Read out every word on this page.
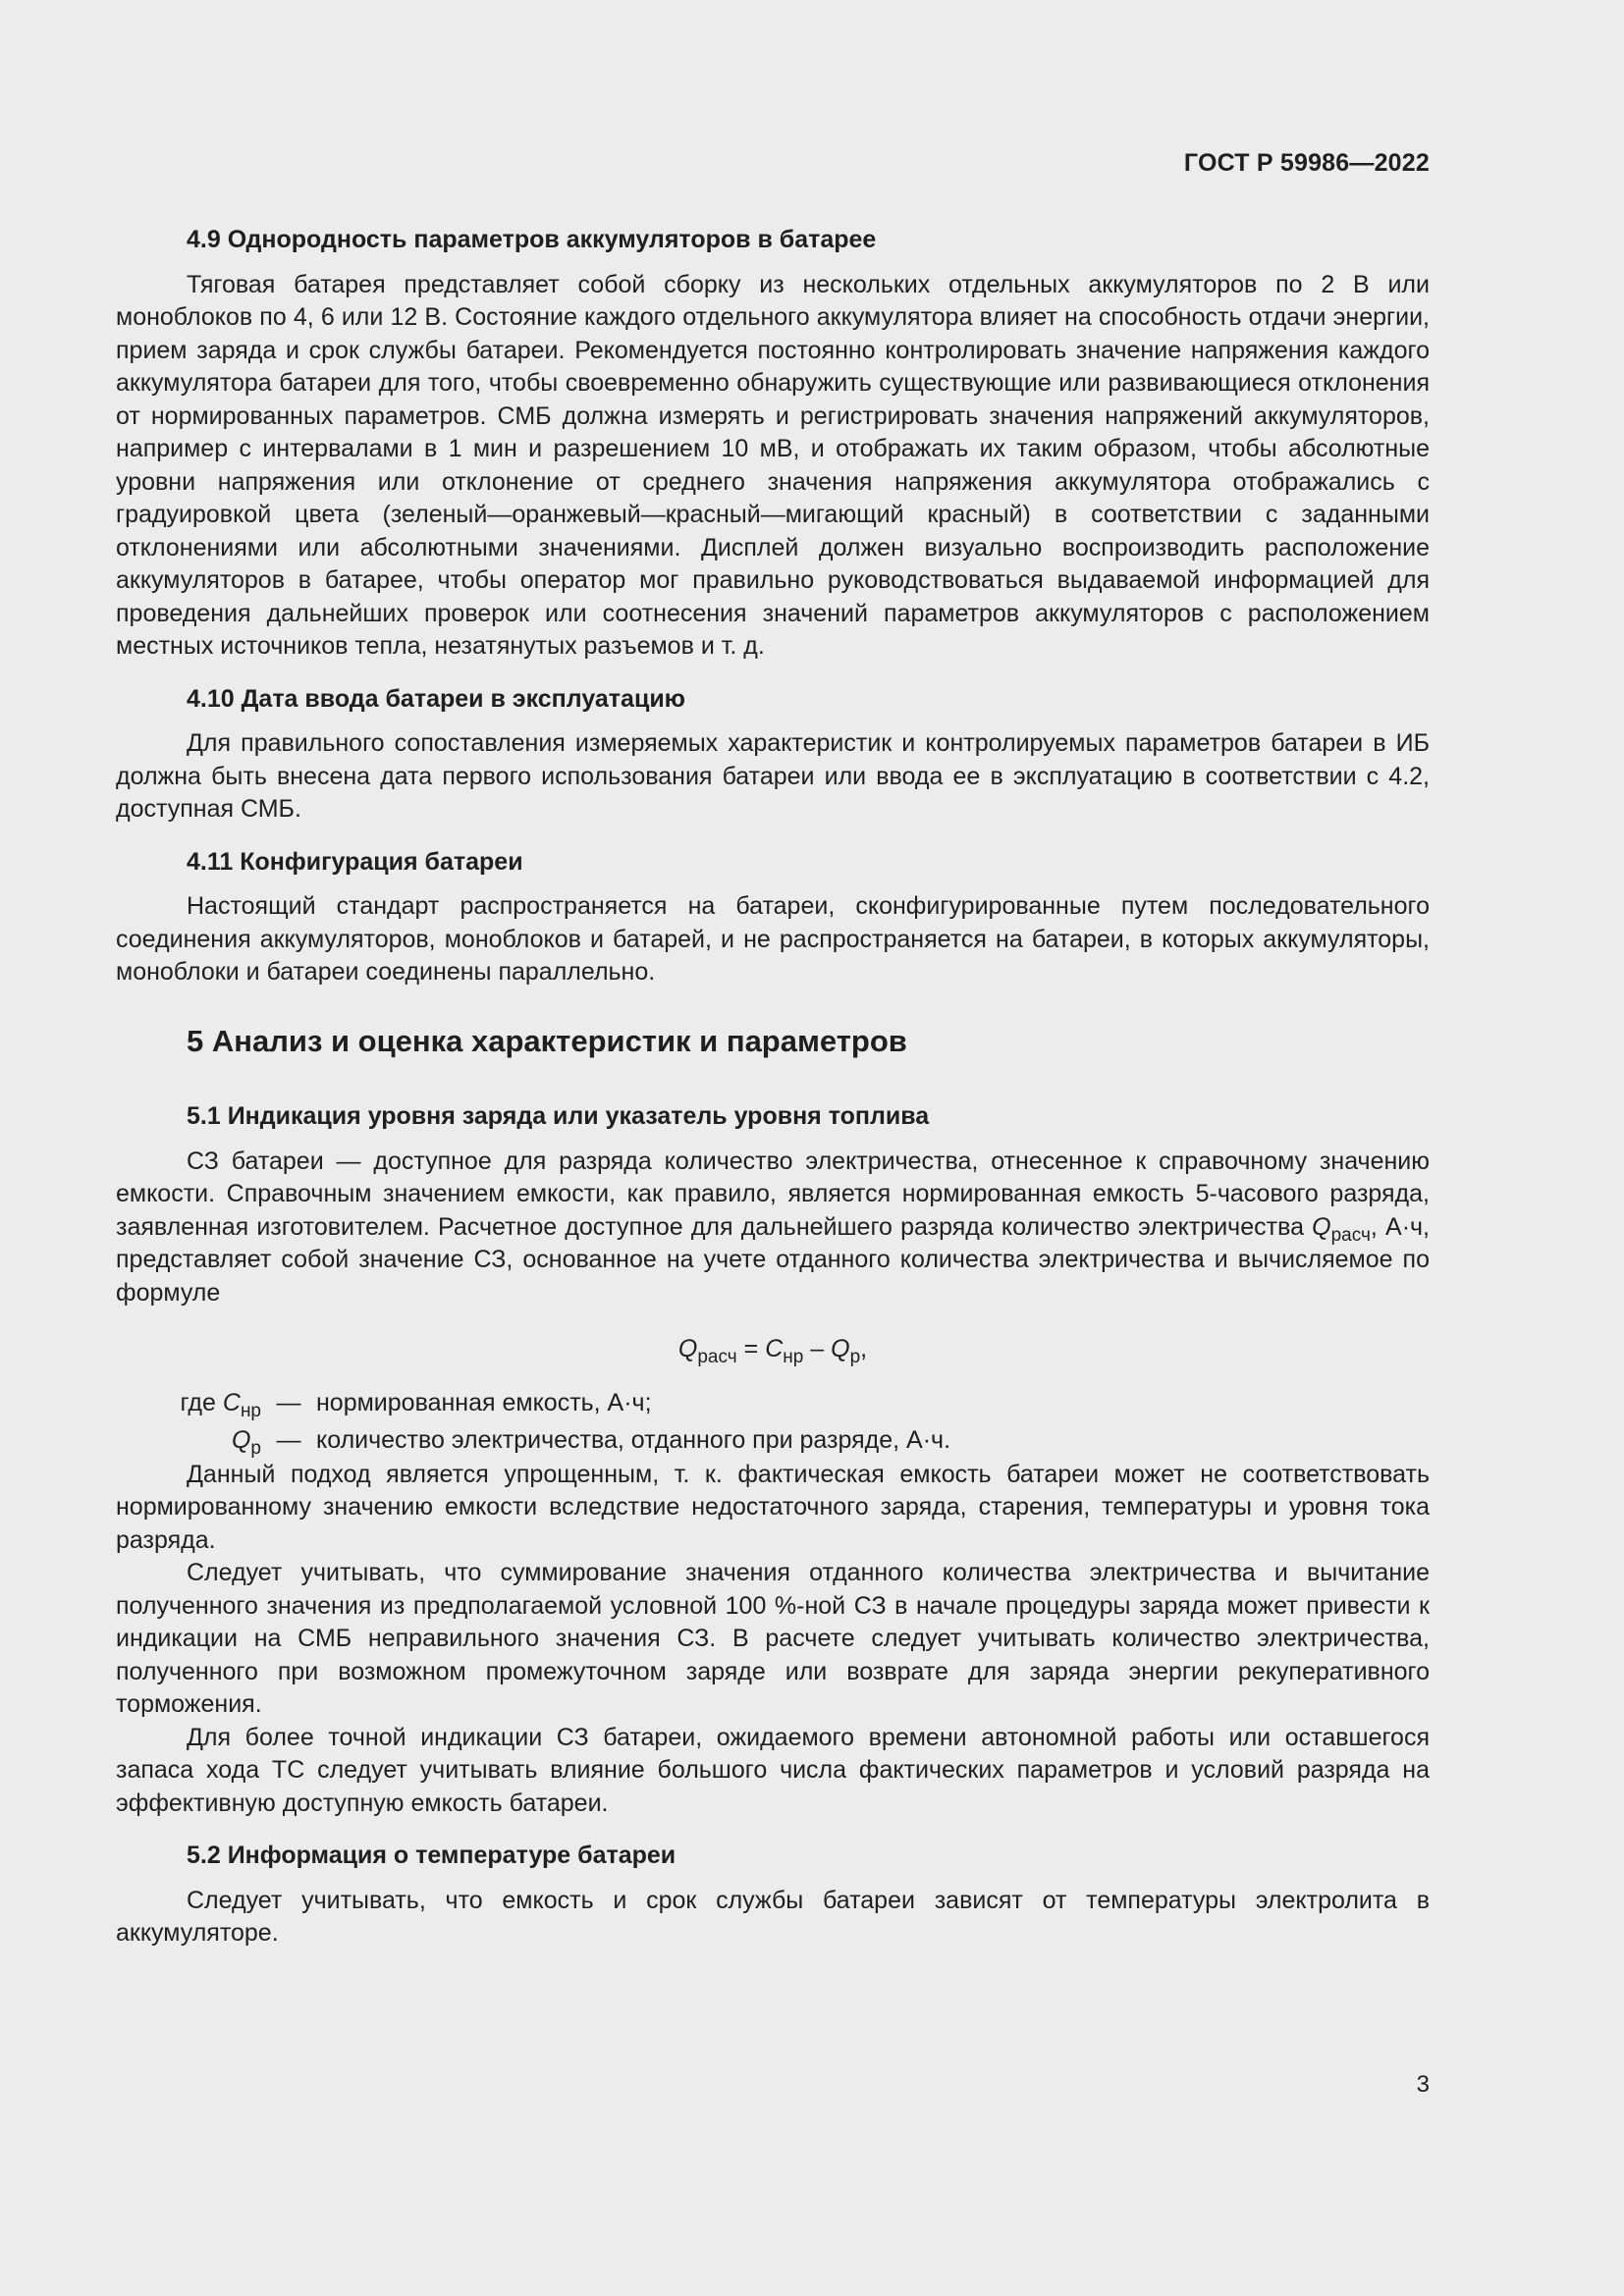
ГОСТ Р 59986—2022
4.9 Однородность параметров аккумуляторов в батарее

Тяговая батарея представляет собой сборку из нескольких отдельных аккумуляторов по 2 В или моноблоков по 4, 6 или 12 В. Состояние каждого отдельного аккумулятора влияет на способность отдачи энергии, прием заряда и срок службы батареи. Рекомендуется постоянно контролировать значение напряжения каждого аккумулятора батареи для того, чтобы своевременно обнаружить существующие или развивающиеся отклонения от нормированных параметров. СМБ должна измерять и регистрировать значения напряжений аккумуляторов, например с интервалами в 1 мин и разрешением 10 мВ, и отображать их таким образом, чтобы абсолютные уровни напряжения или отклонение от среднего значения напряжения аккумулятора отображались с градуировкой цвета (зеленый—оранжевый—красный—мигающий красный) в соответствии с заданными отклонениями или абсолютными значениями. Дисплей должен визуально воспроизводить расположение аккумуляторов в батарее, чтобы оператор мог правильно руководствоваться выдаваемой информацией для проведения дальнейших проверок или соотнесения значений параметров аккумуляторов с расположением местных источников тепла, незатянутых разъемов и т. д.

4.10 Дата ввода батареи в эксплуатацию

Для правильного сопоставления измеряемых характеристик и контролируемых параметров батареи в ИБ должна быть внесена дата первого использования батареи или ввода ее в эксплуатацию в соответствии с 4.2, доступная СМБ.

4.11 Конфигурация батареи

Настоящий стандарт распространяется на батареи, сконфигурированные путем последовательного соединения аккумуляторов, моноблоков и батарей, и не распространяется на батареи, в которых аккумуляторы, моноблоки и батареи соединены параллельно.

5 Анализ и оценка характеристик и параметров
5.1 Индикация уровня заряда или указатель уровня топлива

СЗ батареи — доступное для разряда количество электричества, отнесенное к справочному значению емкости. Справочным значением емкости, как правило, является нормированная емкость 5-часового разряда, заявленная изготовителем. Расчетное доступное для дальнейшего разряда количество электричества $Q_{расч}$, А·ч, представляет собой значение СЗ, основанное на учете отданного количества электричества и вычисляемое по формуле

$Q_{расч} = C_{нр} - Q_р$,
где $C_{нр}$ — нормированная емкость, А·ч;
$Q_р$ — количество электричества, отданного при разряде, А·ч.

Данный подход является упрощенным, т. к. фактическая емкость батареи может не соответствовать нормированному значению емкости вследствие недостаточного заряда, старения, температуры и уровня тока разряда.

Следует учитывать, что суммирование значения отданного количества электричества и вычитание полученного значения из предполагаемой условной 100 %-ной СЗ в начале процедуры заряда может привести к индикации на СМБ неправильного значения СЗ. В расчете следует учитывать количество электричества, полученного при возможном промежуточном заряде или возврате для заряда энергии рекуперативного торможения.

Для более точной индикации СЗ батареи, ожидаемого времени автономной работы или оставшегося запаса хода ТС следует учитывать влияние большого числа фактических параметров и условий разряда на эффективную доступную емкость батареи.

5.2 Информация о температуре батареи

Следует учитывать, что емкость и срок службы батареи зависят от температуры электролита в аккумуляторе.

3
